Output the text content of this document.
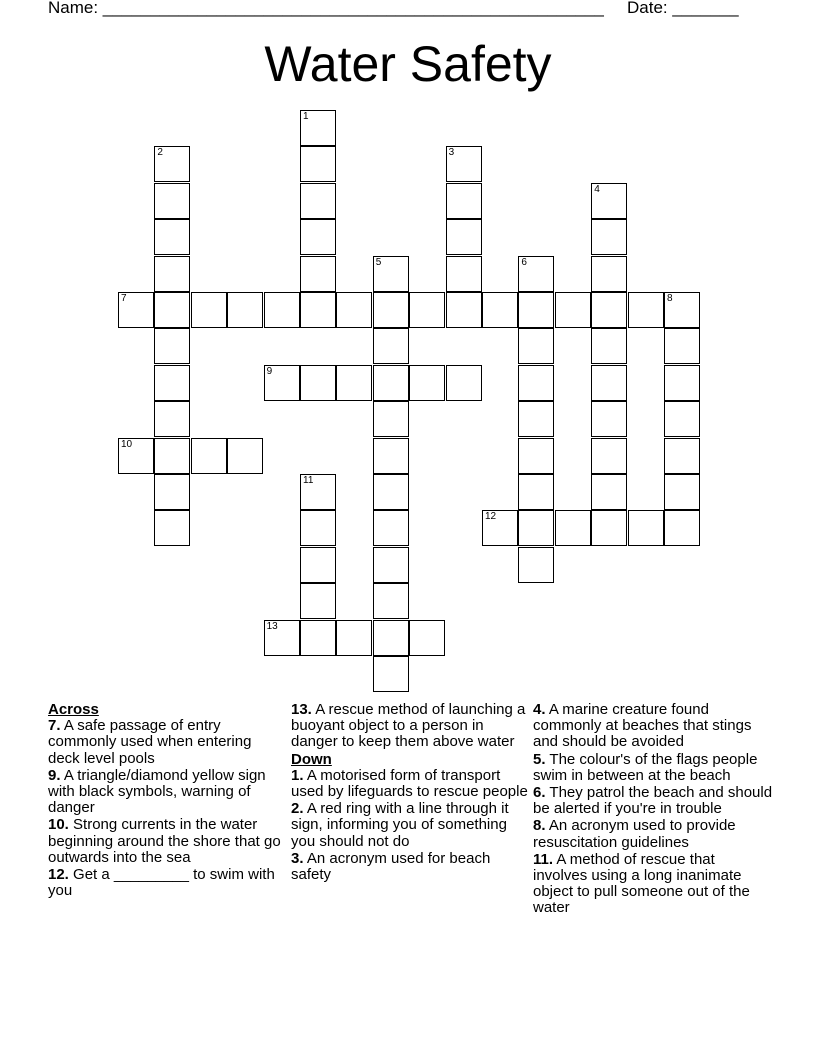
Name: _____________________________________________________ Date: _______
Water Safety
7	8
9
10
12
13
1
2	3
4
5	6
11
Across
7. A safe passage of entry commonly used when entering deck level pools
9. A triangle/diamond yellow sign with black symbols, warning of danger
10. Strong currents in the water beginning around the shore that go outwards into the sea
12. Get a _________ to swim with you
13. A rescue method of launching a buoyant object to a person in danger to keep them above water
Down
1. A motorised form of transport used by lifeguards to rescue people
2. A red ring with a line through it sign, informing you of something you should not do
3. An acronym used for beach safety
4. A marine creature found commonly at beaches that stings and should be avoided
5. The colour's of the flags people swim in between at the beach
6. They patrol the beach and should be alerted if you're in trouble
8. An acronym used to provide resuscitation guidelines
11. A method of rescue that involves using a long inanimate object to pull someone out of the water
